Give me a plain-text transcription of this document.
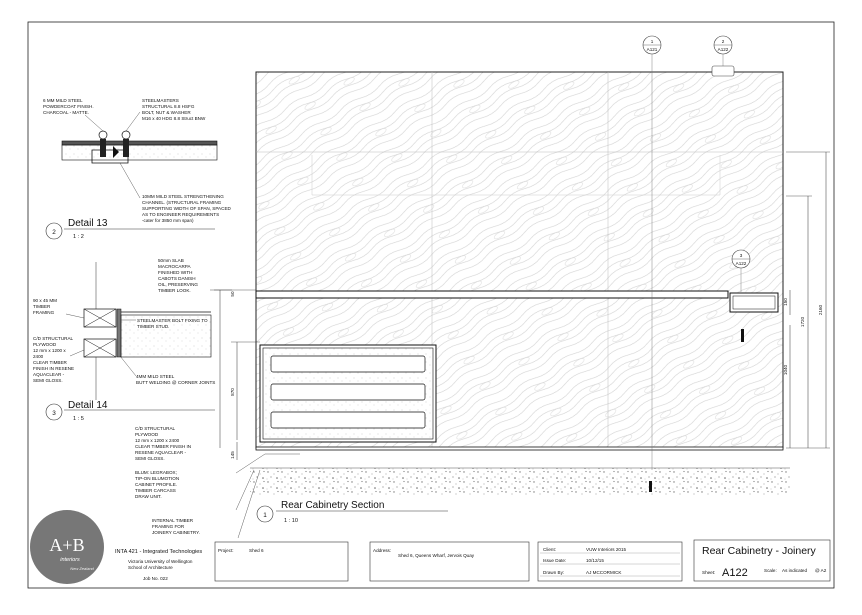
1
A121
2
A122
3
A122
2160
1720
150
1040
870
145
50
6 MM MILD STEEL
POWDERCOAT FINISH.
CHARCOAL - MATTE.
STEELMASTERS
STRUCTURAL 8.8 HSFG
BOLT, NUT & WASHER
M16 x 40 HDG 8.8 Struct BNW
10MM MILD STEEL STRENGTHENING
CHANNEL. (STRUCTURAL FRAMING
SUPPORTING WIDTH OF SPAN, SPACED
AS TO ENGINEER REQUIREMENTS
-cater for 3850 mm span)
2
Detail 13
1 : 2
50mm SLAB
MACROCARPA
FINISHED WITH
CABOTS DANISH
OIL, PRESERVING
TIMBER LOOK.
90 x 45 MM
TIMBER
FRAMING
STEELMASTER BOLT FIXING TO
TIMBER STUD.
C/D STRUCTURAL
PLYWOOD
12 mm x 1200 x
2400
CLEAR TIMBER
FINISH IN RESENE
AQUACLEAR -
SEMI GLOSS.
4MM MILD STEEL
BUTT WELDING @ CORNER JOINTS
3
Detail 14
1 : 5
C/D STRUCTURAL
PLYWOOD
12 mm x 1200 x 2400
CLEAR TIMBER FINISH IN
RESENE AQUACLEAR -
SEMI GLOSS.
BLUM: LEGRABOX;
TIP-ON BLUMOTION
CABINET PROFILE.
TIMBER CARCASS
DRAW UNIT.
INTERNAL TIMBER
FRAMING FOR
JOINERY CABINETRY.
1
Rear Cabinetry Section
1 : 10
A+B
interiors
New Zealand
INTA 421 - Integrated Technologies
Victoria University of Wellington
School of Architecture
Job No. 022
Project:	Shed 6	Address:
Shed 6, Queens Wharf, Jervois Quay
Client:	VUW Interiors 2015
Issue Date:	10/12/15
Drawn By:	AJ MCCORMICK
Rear Cabinetry - Joinery
Sheet: A122	Scale: As indicated @ A2
